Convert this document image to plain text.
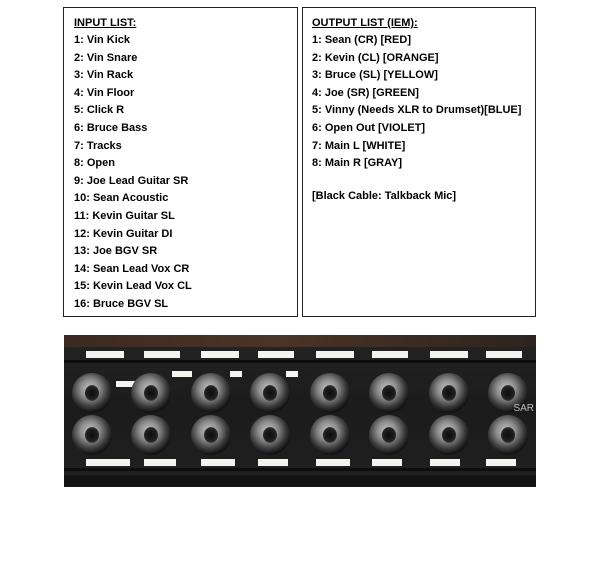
INPUT LIST:
1: Vin Kick
2: Vin Snare
3: Vin Rack
4: Vin Floor
5: Click R
6: Bruce Bass
7: Tracks
8: Open
9: Joe Lead Guitar SR
10: Sean Acoustic
11: Kevin Guitar SL
12: Kevin Guitar DI
13: Joe BGV SR
14: Sean Lead Vox CR
15: Kevin Lead Vox CL
16: Bruce BGV SL
OUTPUT LIST (IEM):
1: Sean (CR) [RED]
2: Kevin (CL) [ORANGE]
3: Bruce (SL) [YELLOW]
4: Joe (SR) [GREEN]
5: Vinny (Needs XLR to Drumset)[BLUE]
6: Open Out [VIOLET]
7: Main L [WHITE]
8: Main R [GRAY]
[Black Cable: Talkback Mic]
SAR
